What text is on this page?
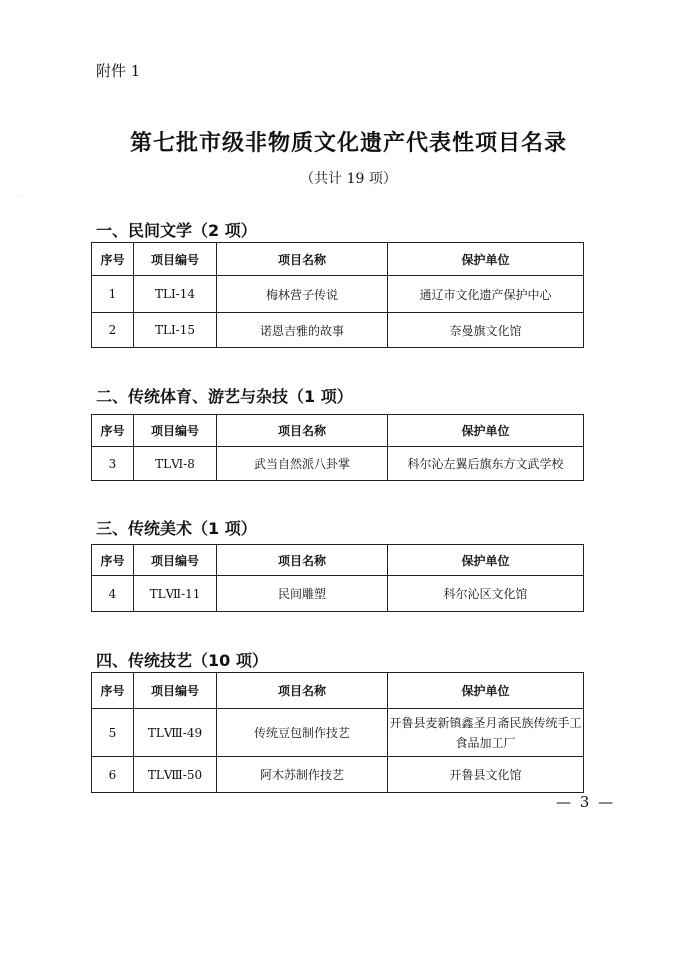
·
·
附件 1
第七批市级非物质文化遗产代表性项目名录
（共计 19 项）
一、民间文学（2 项）
序号	项目编号	项目名称	保护单位
1	TLⅠ-14	梅林营子传说	通辽市文化遗产保护中心
2	TLⅠ-15	诺恩吉雅的故事	奈曼旗文化馆
二、传统体育、游艺与杂技（1 项）
序号	项目编号	项目名称	保护单位
3	TLⅥ-8	武当自然派八卦掌	科尔沁左翼后旗东方文武学校
三、传统美术（1 项）
序号	项目编号	项目名称	保护单位
4	TLⅦ-11	民间雕塑	科尔沁区文化馆
四、传统技艺（10 项）
序号	项目编号	项目名称	保护单位
5	TLⅧ-49	传统豆包制作技艺	开鲁县麦新镇鑫圣月斋民族传统手工食品加工厂
6	TLⅧ-50	阿木苏制作技艺	开鲁县文化馆
— 3 —
